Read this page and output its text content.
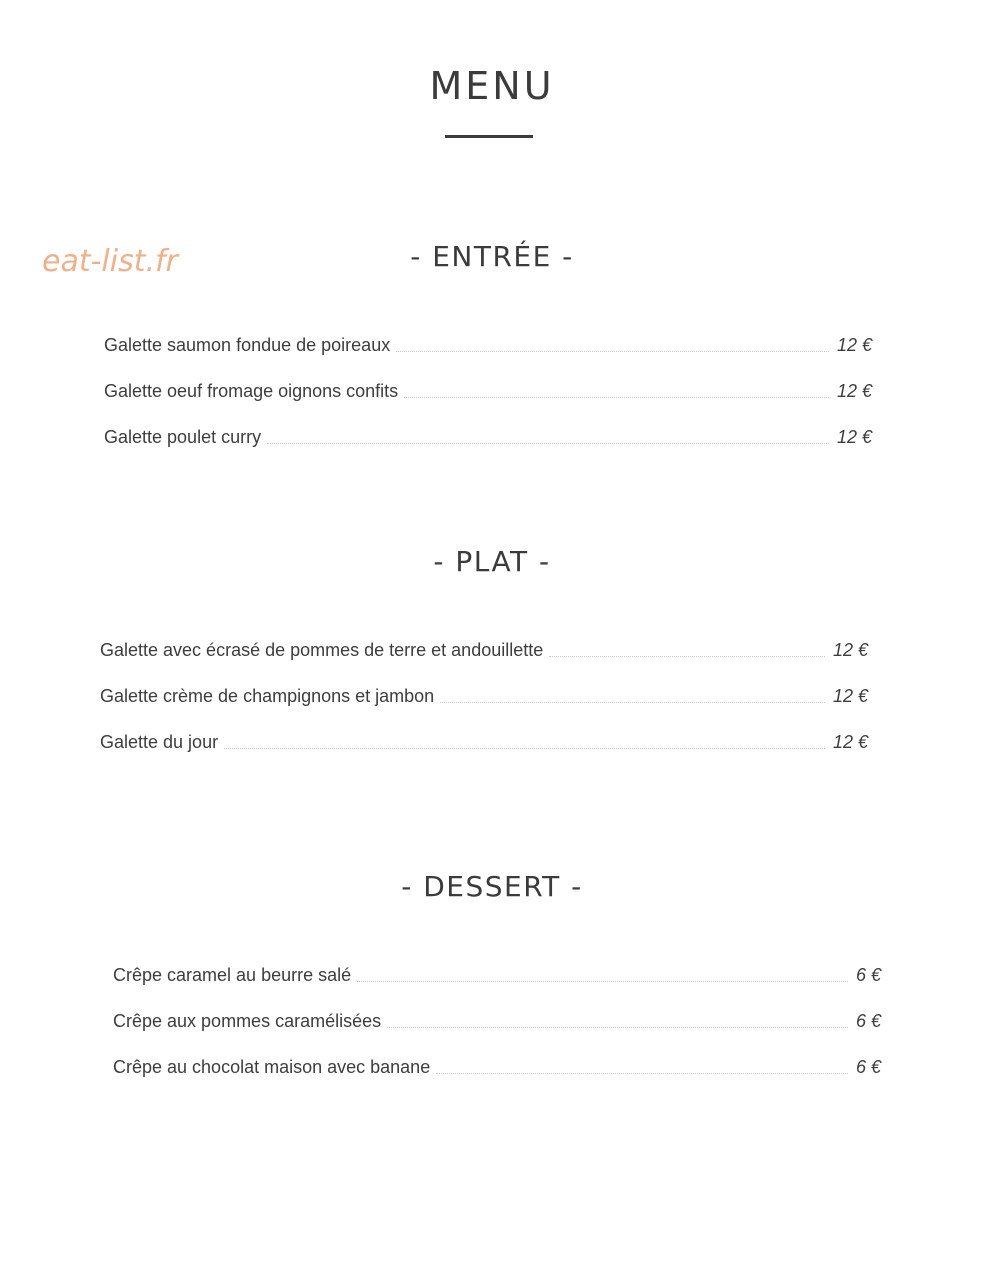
MENU
eat-list.fr	- ENTRÉE -
Galette saumon fondue de poireaux	12 €
Galette oeuf fromage oignons confits	12 €
Galette poulet curry	12 €
- PLAT -
Galette avec écrasé de pommes de terre et andouillette	12 €
Galette crème de champignons et jambon	12 €
Galette du jour	12 €
- DESSERT -
Crêpe caramel au beurre salé	6 €
Crêpe aux pommes caramélisées	6 €
Crêpe au chocolat maison avec banane	6 €
